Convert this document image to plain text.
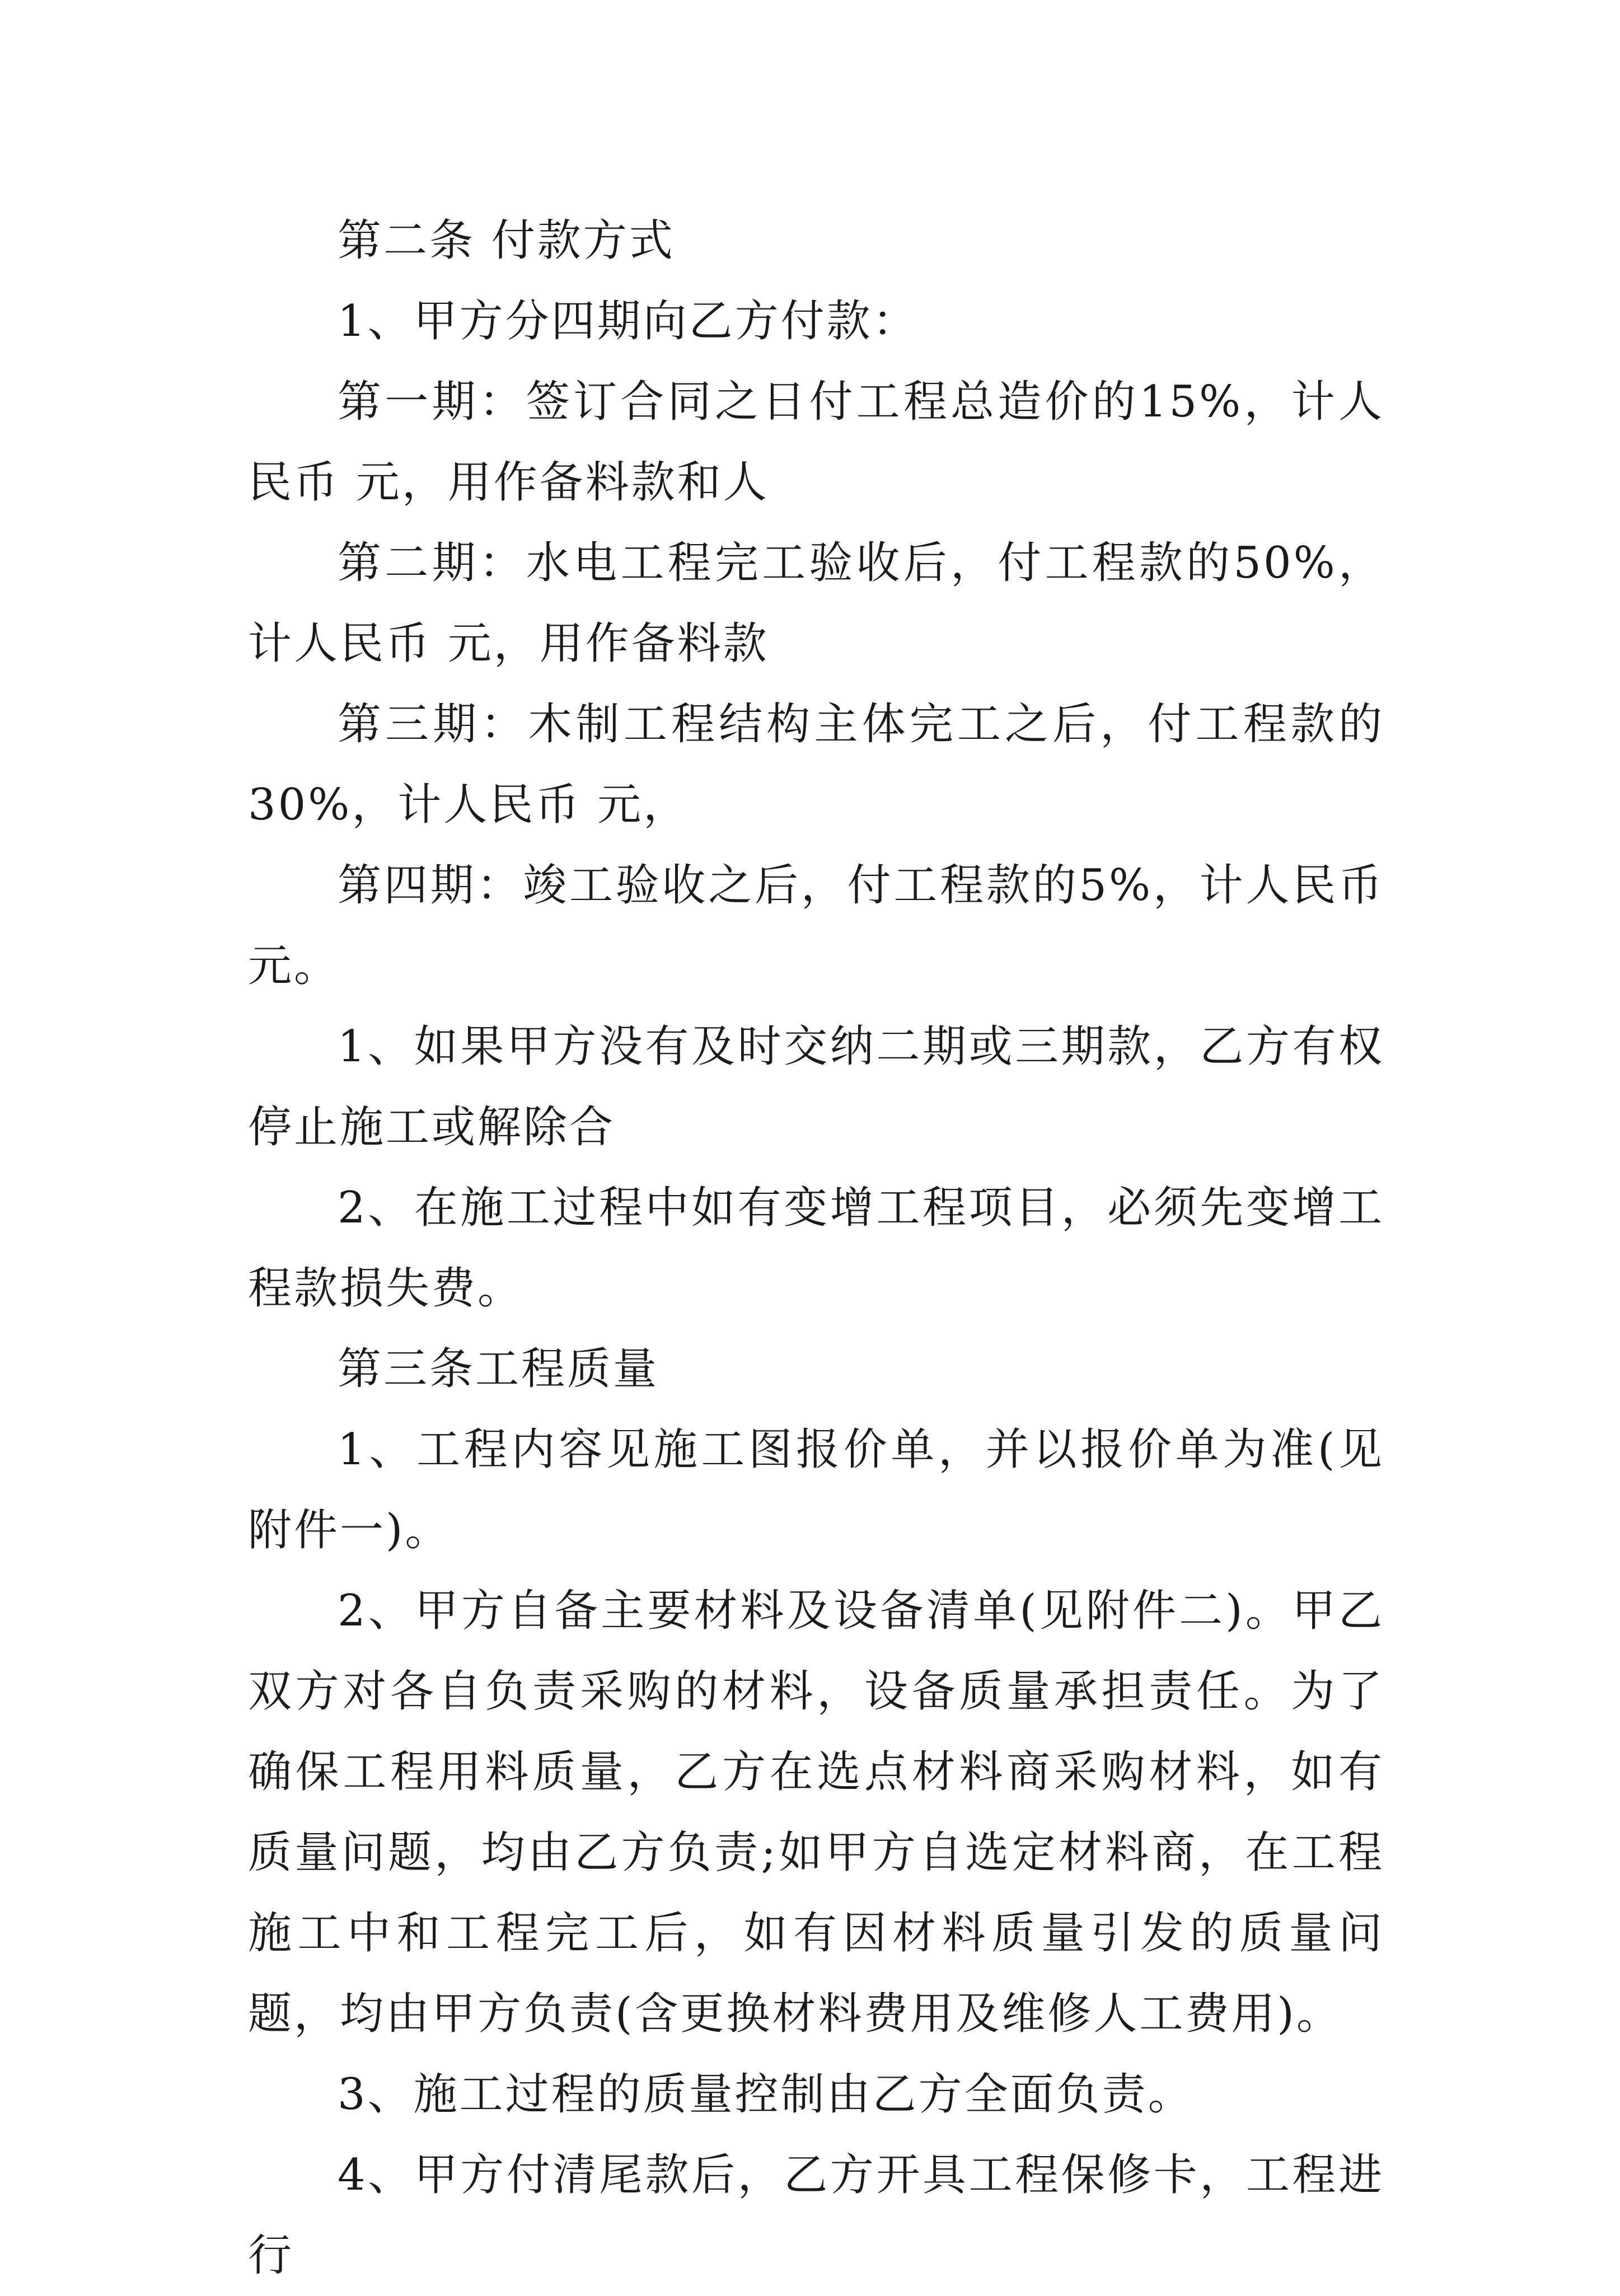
第二条 付款方式

1、甲方分四期向乙方付款：

第一期：签订合同之日付工程总造价的15%，计人民币 元，用作备料款和人

第二期：水电工程完工验收后，付工程款的50%，计人民币 元，用作备料款

第三期：木制工程结构主体完工之后，付工程款的30%，计人民币 元，

第四期：竣工验收之后，付工程款的5%，计人民币 元。

1、如果甲方没有及时交纳二期或三期款，乙方有权停止施工或解除合

2、在施工过程中如有变增工程项目，必须先变增工程款损失费。

第三条工程质量

1、工程内容见施工图报价单，并以报价单为准(见附件一)。

2、甲方自备主要材料及设备清单(见附件二)。甲乙双方对各自负责采购的材料，设备质量承担责任。为了确保工程用料质量，乙方在选点材料商采购材料，如有质量问题，均由乙方负责;如甲方自选定材料商，在工程施工中和工程完工后，如有因材料质量引发的质量问题，均由甲方负责(含更换材料费用及维修人工费用)。

3、施工过程的质量控制由乙方全面负责。

4、甲方付清尾款后，乙方开具工程保修卡，工程进行
